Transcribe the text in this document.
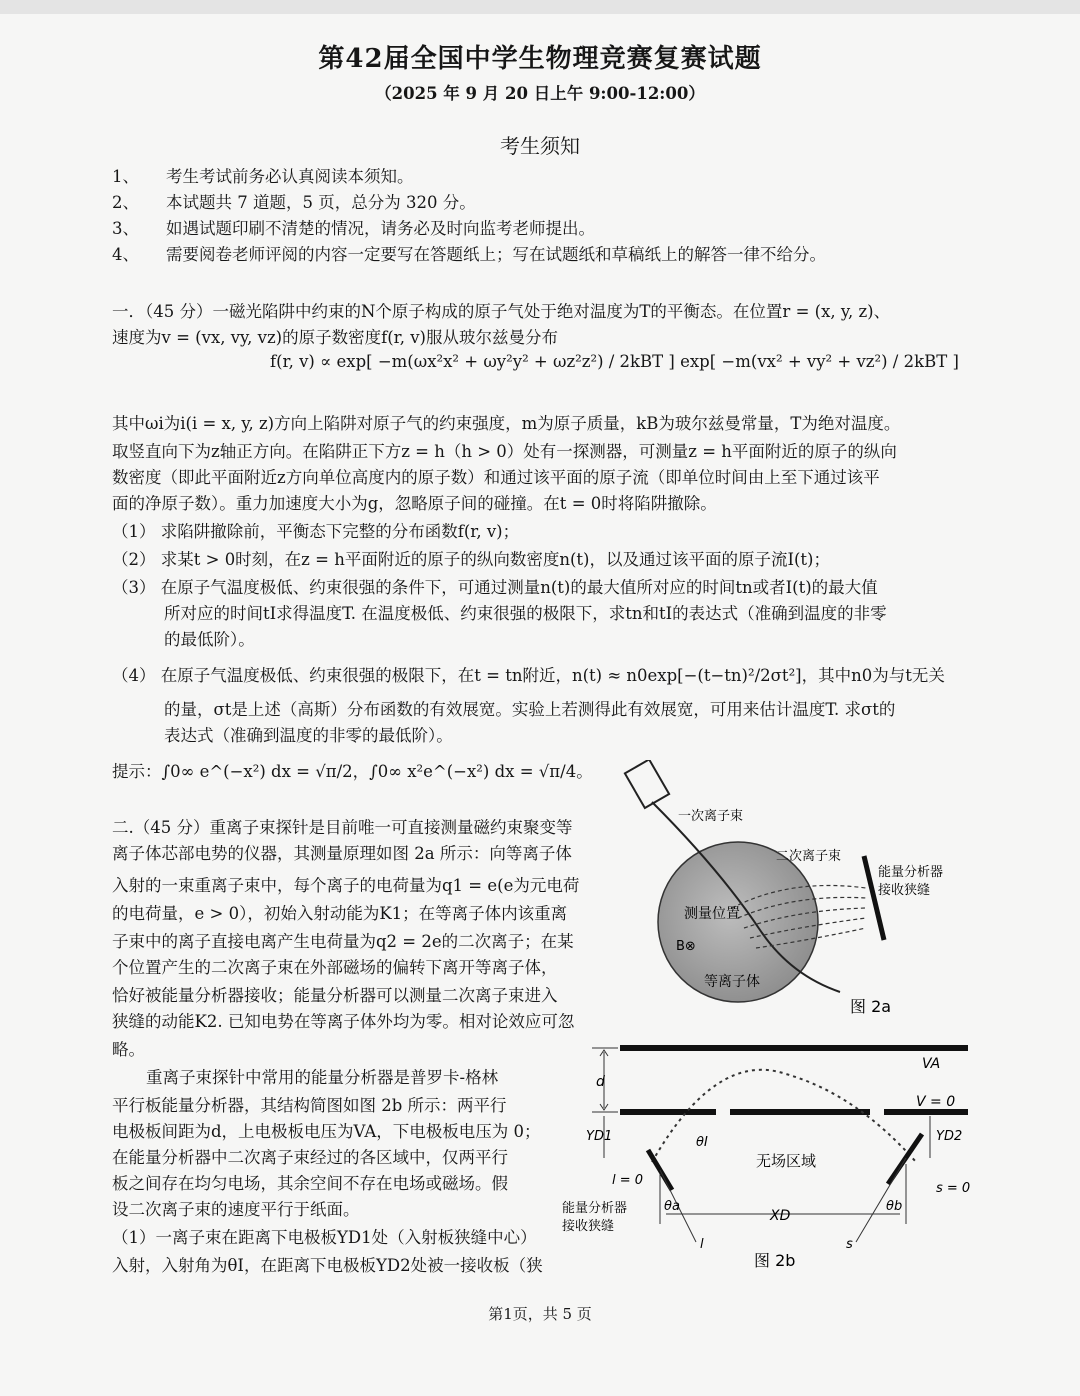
第42届全国中学生物理竞赛复赛试题
（2025 年 9 月 20 日上午 9:00-12:00）
考生须知
1、 考生考试前务必认真阅读本须知。
2、 本试题共 7 道题，5 页，总分为 320 分。
3、 如遇试题印刷不清楚的情况，请务必及时向监考老师提出。
4、 需要阅卷老师评阅的内容一定要写在答题纸上；写在试题纸和草稿纸上的解答一律不给分。
一．（45 分）一磁光陷阱中约束的N个原子构成的原子气处于绝对温度为T的平衡态。在位置r = (x, y, z)、
速度为v = (vx, vy, vz)的原子数密度f(r, v)服从玻尔兹曼分布
f(r, v) ∝ exp[ −m(ωx²x² + ωy²y² + ωz²z²) / 2kBT ] exp[ −m(vx² + vy² + vz²) / 2kBT ]
其中ωi为i(i = x, y, z)方向上陷阱对原子气的约束强度，m为原子质量，kB为玻尔兹曼常量，T为绝对温度。
取竖直向下为z轴正方向。在陷阱正下方z = h（h > 0）处有一探测器，可测量z = h平面附近的原子的纵向
数密度（即此平面附近z方向单位高度内的原子数）和通过该平面的原子流（即单位时间由上至下通过该平
面的净原子数）。重力加速度大小为g，忽略原子间的碰撞。在t = 0时将陷阱撤除。
（1） 求陷阱撤除前，平衡态下完整的分布函数f(r, v)；
（2） 求某t > 0时刻，在z = h平面附近的原子的纵向数密度n(t)，以及通过该平面的原子流I(t)；
（3） 在原子气温度极低、约束很强的条件下，可通过测量n(t)的最大值所对应的时间tn或者I(t)的最大值
所对应的时间tI求得温度T. 在温度极低、约束很强的极限下，求tn和tI的表达式（准确到温度的非零
的最低阶）。
（4） 在原子气温度极低、约束很强的极限下，在t = tn附近，n(t) ≈ n0exp[−(t−tn)²/2σt²]，其中n0为与t无关
的量，σt是上述（高斯）分布函数的有效展宽。实验上若测得此有效展宽，可用来估计温度T. 求σt的
表达式（准确到温度的非零的最低阶）。
提示：∫0∞ e^(−x²) dx = √π/2，∫0∞ x²e^(−x²) dx = √π/4。
二.（45 分）重离子束探针是目前唯一可直接测量磁约束聚变等
离子体芯部电势的仪器，其测量原理如图 2a 所示：向等离子体
入射的一束重离子束中，每个离子的电荷量为q1 = e(e为元电荷
的电荷量，e > 0），初始入射动能为K1；在等离子体内该重离
子束中的离子直接电离产生电荷量为q2 = 2e的二次离子；在某
个位置产生的二次离子束在外部磁场的偏转下离开等离子体，
恰好被能量分析器接收；能量分析器可以测量二次离子束进入
狭缝的动能K2. 已知电势在等离子体外均为零。相对论效应可忽
略。
重离子束探针中常用的能量分析器是普罗卡-格林
平行板能量分析器，其结构简图如图 2b 所示：两平行
电极板间距为d，上电极板电压为VA，下电极板电压为 0；
在能量分析器中二次离子束经过的各区域中，仅两平行
板之间存在均匀电场，其余空间不存在电场或磁场。假
设二次离子束的速度平行于纸面。
（1）一离子束在距离下电极板YD1处（入射板狭缝中心）
入射，入射角为θI，在距离下电极板YD2处被一接收板（狭
一次离子束
二次离子束
能量分析器
接收狭缝
测量位置
B⊗
等离子体
图 2a
VA
V = 0
d
YD1	YD2
θI
无场区域
l = 0
s = 0
θa	θb
XD
l	s
能量分析器
接收狭缝
图 2b
第1页，共 5 页
